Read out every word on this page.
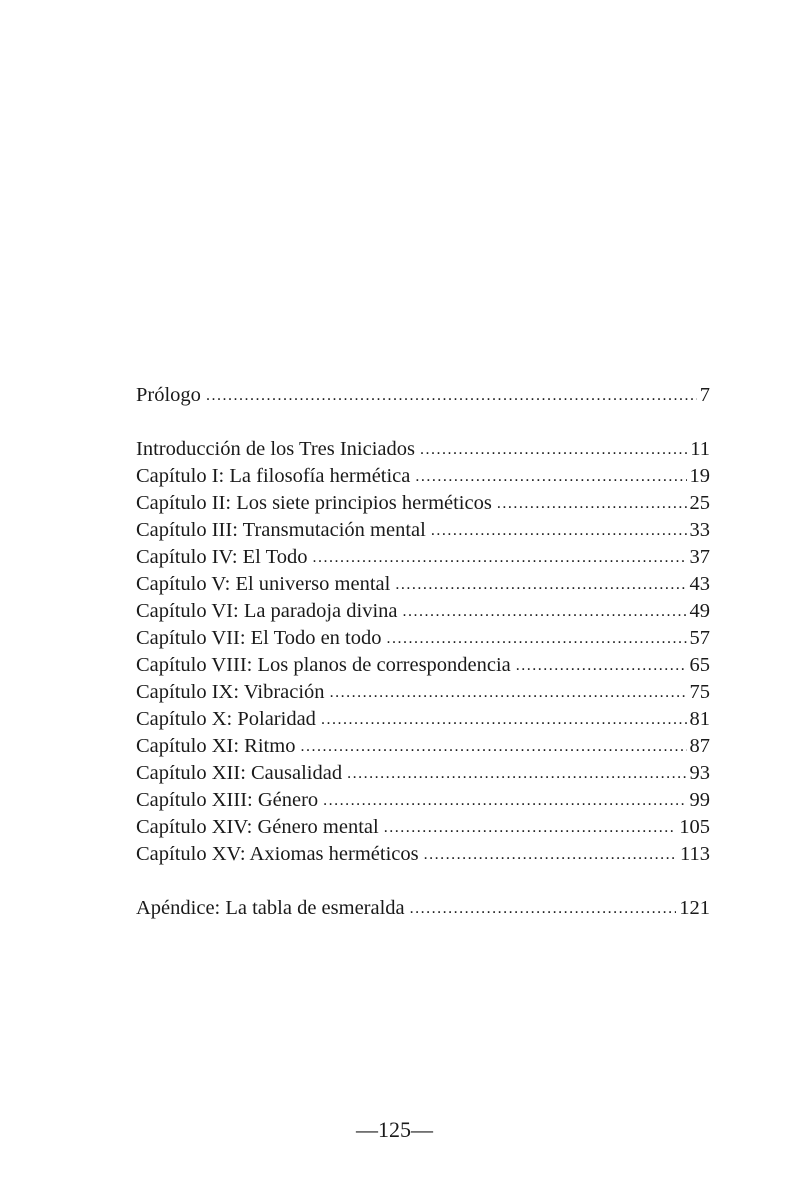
Prólogo .....	7
Introducción de los Tres Iniciados .....	11
Capítulo I: La filosofía hermética .....	19
Capítulo II: Los siete principios herméticos .....	25
Capítulo III: Transmutación mental .....	33
Capítulo IV: El Todo .....	37
Capítulo V: El universo mental .....	43
Capítulo VI: La paradoja divina .....	49
Capítulo VII: El Todo en todo .....	57
Capítulo VIII: Los planos de correspondencia .....	65
Capítulo IX: Vibración .....	75
Capítulo X: Polaridad .....	81
Capítulo XI: Ritmo .....	87
Capítulo XII: Causalidad .....	93
Capítulo XIII: Género .....	99
Capítulo XIV: Género mental .....	105
Capítulo XV: Axiomas herméticos .....	113
Apéndice: La tabla de esmeralda .....	121
—125—
